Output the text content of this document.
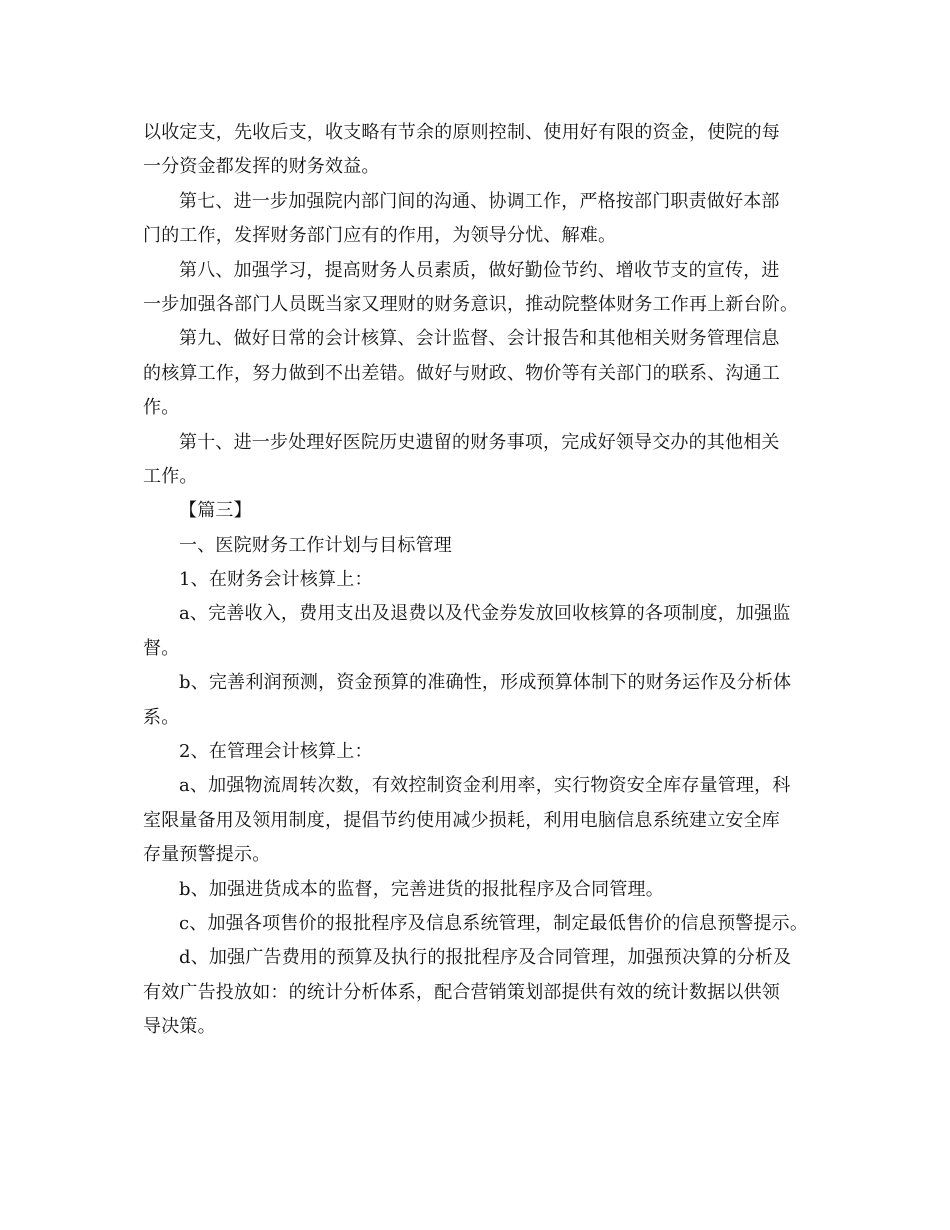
以收定支，先收后支，收支略有节余的原则控制、使用好有限的资金，使院的每
一分资金都发挥的财务效益。
第七、进一步加强院内部门间的沟通、协调工作，严格按部门职责做好本部
门的工作，发挥财务部门应有的作用，为领导分忧、解难。
第八、加强学习，提高财务人员素质，做好勤俭节约、增收节支的宣传，进
一步加强各部门人员既当家又理财的财务意识，推动院整体财务工作再上新台阶。
第九、做好日常的会计核算、会计监督、会计报告和其他相关财务管理信息
的核算工作，努力做到不出差错。做好与财政、物价等有关部门的联系、沟通工
作。
第十、进一步处理好医院历史遗留的财务事项，完成好领导交办的其他相关
工作。
【篇三】
一、医院财务工作计划与目标管理
1、在财务会计核算上：
a、完善收入，费用支出及退费以及代金券发放回收核算的各项制度，加强监
督。
b、完善利润预测，资金预算的准确性，形成预算体制下的财务运作及分析体
系。
2、在管理会计核算上：
a、加强物流周转次数，有效控制资金利用率，实行物资安全库存量管理，科
室限量备用及领用制度，提倡节约使用减少损耗，利用电脑信息系统建立安全库
存量预警提示。
b、加强进货成本的监督，完善进货的报批程序及合同管理。
c、加强各项售价的报批程序及信息系统管理，制定最低售价的信息预警提示。
d、加强广告费用的预算及执行的报批程序及合同管理，加强预决算的分析及
有效广告投放如：的统计分析体系，配合营销策划部提供有效的统计数据以供领
导决策。
